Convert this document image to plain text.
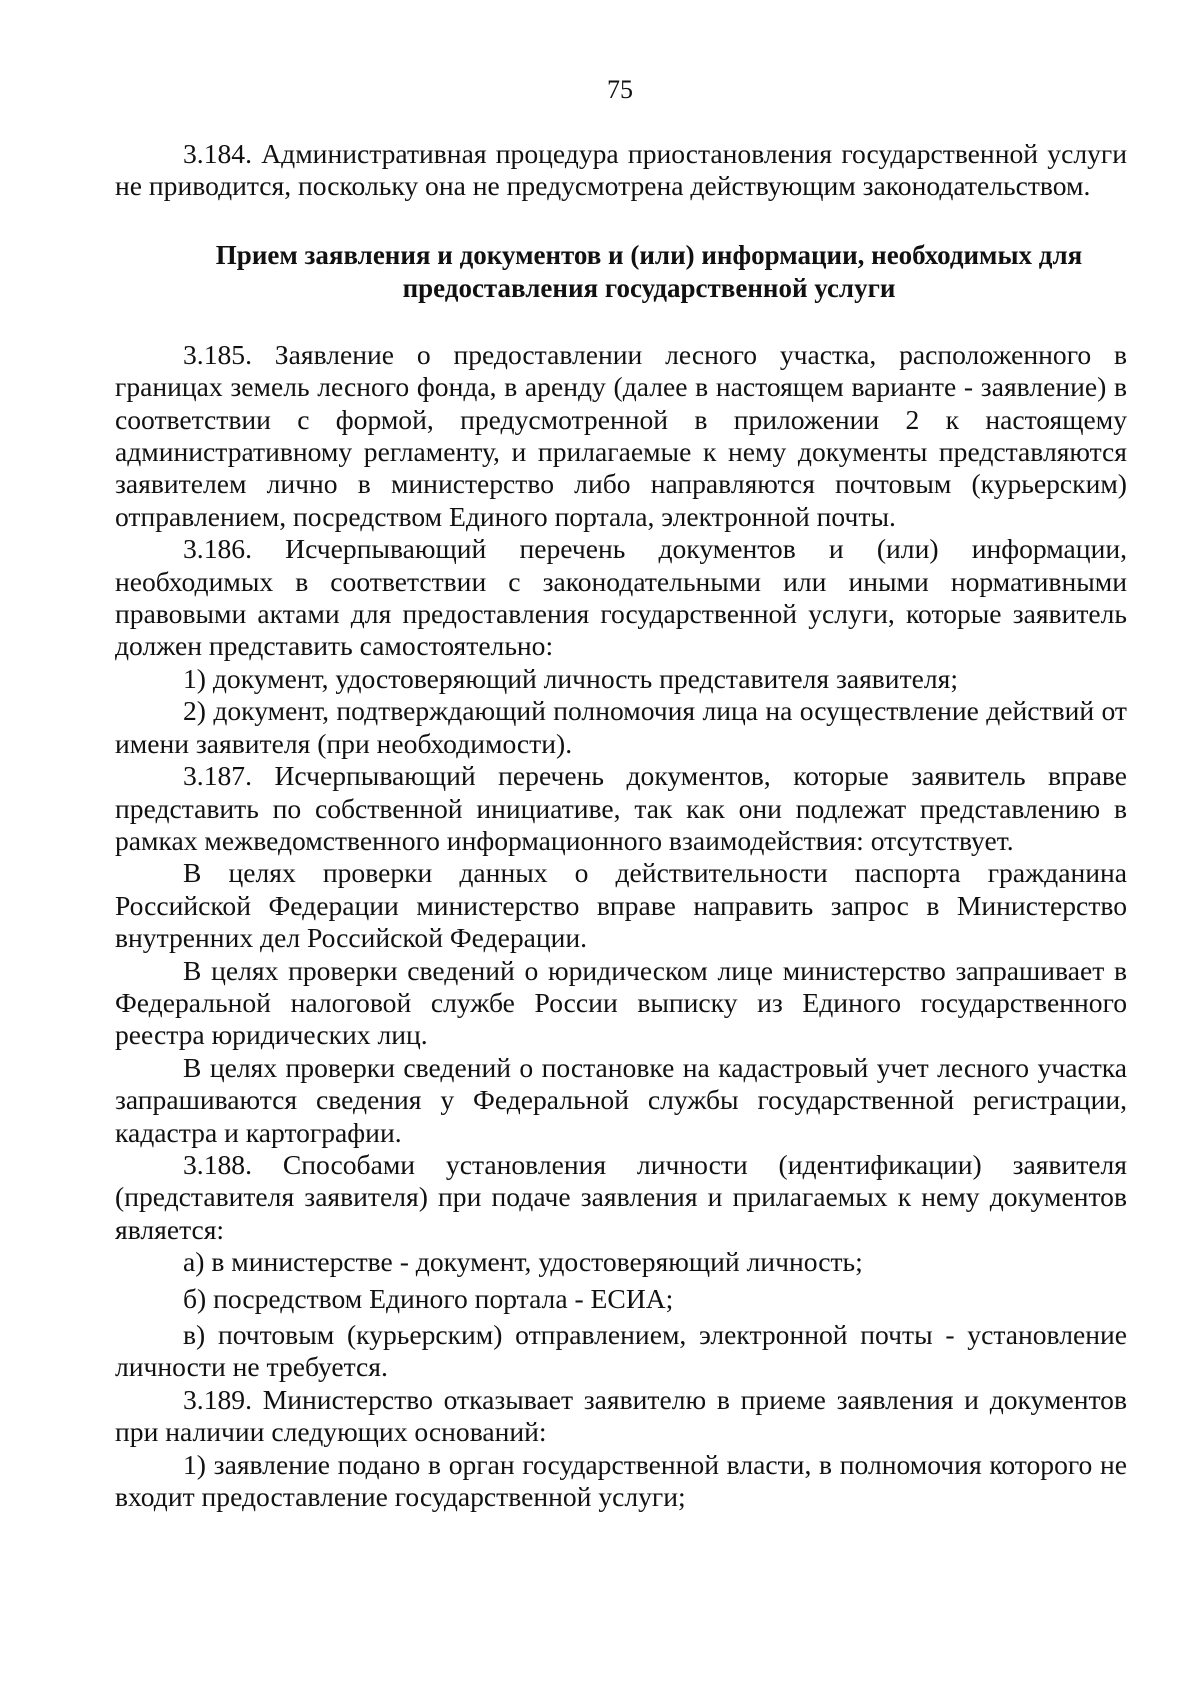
75

3.184. Административная процедура приостановления государственной услуги не приводится, поскольку она не предусмотрена действующим законодательством.

Прием заявления и документов и (или) информации, необходимых для
предоставления государственной услуги

3.185. Заявление о предоставлении лесного участка, расположенного в границах земель лесного фонда, в аренду (далее в настоящем варианте - заявление) в соответствии с формой, предусмотренной в приложении 2 к настоящему административному регламенту, и прилагаемые к нему документы представляются заявителем лично в министерство либо направляются почтовым (курьерским) отправлением, посредством Единого портала, электронной почты.

3.186. Исчерпывающий перечень документов и (или) информации, необходимых в соответствии с законодательными или иными нормативными правовыми актами для предоставления государственной услуги, которые заявитель должен представить самостоятельно:

1) документ, удостоверяющий личность представителя заявителя;

2) документ, подтверждающий полномочия лица на осуществление действий от имени заявителя (при необходимости).

3.187. Исчерпывающий перечень документов, которые заявитель вправе представить по собственной инициативе, так как они подлежат представлению в рамках межведомственного информационного взаимодействия: отсутствует.

В целях проверки данных о действительности паспорта гражданина Российской Федерации министерство вправе направить запрос в Министерство внутренних дел Российской Федерации.

В целях проверки сведений о юридическом лице министерство запрашивает в Федеральной налоговой службе России выписку из Единого государственного реестра юридических лиц.

В целях проверки сведений о постановке на кадастровый учет лесного участка запрашиваются сведения у Федеральной службы государственной регистрации, кадастра и картографии.

3.188. Способами установления личности (идентификации) заявителя (представителя заявителя) при подаче заявления и прилагаемых к нему документов является:

а) в министерстве - документ, удостоверяющий личность;

б) посредством Единого портала - ЕСИА;

в) почтовым (курьерским) отправлением, электронной почты - установление личности не требуется.

3.189. Министерство отказывает заявителю в приеме заявления и документов при наличии следующих оснований:

1) заявление подано в орган государственной власти, в полномочия которого не входит предоставление государственной услуги;
